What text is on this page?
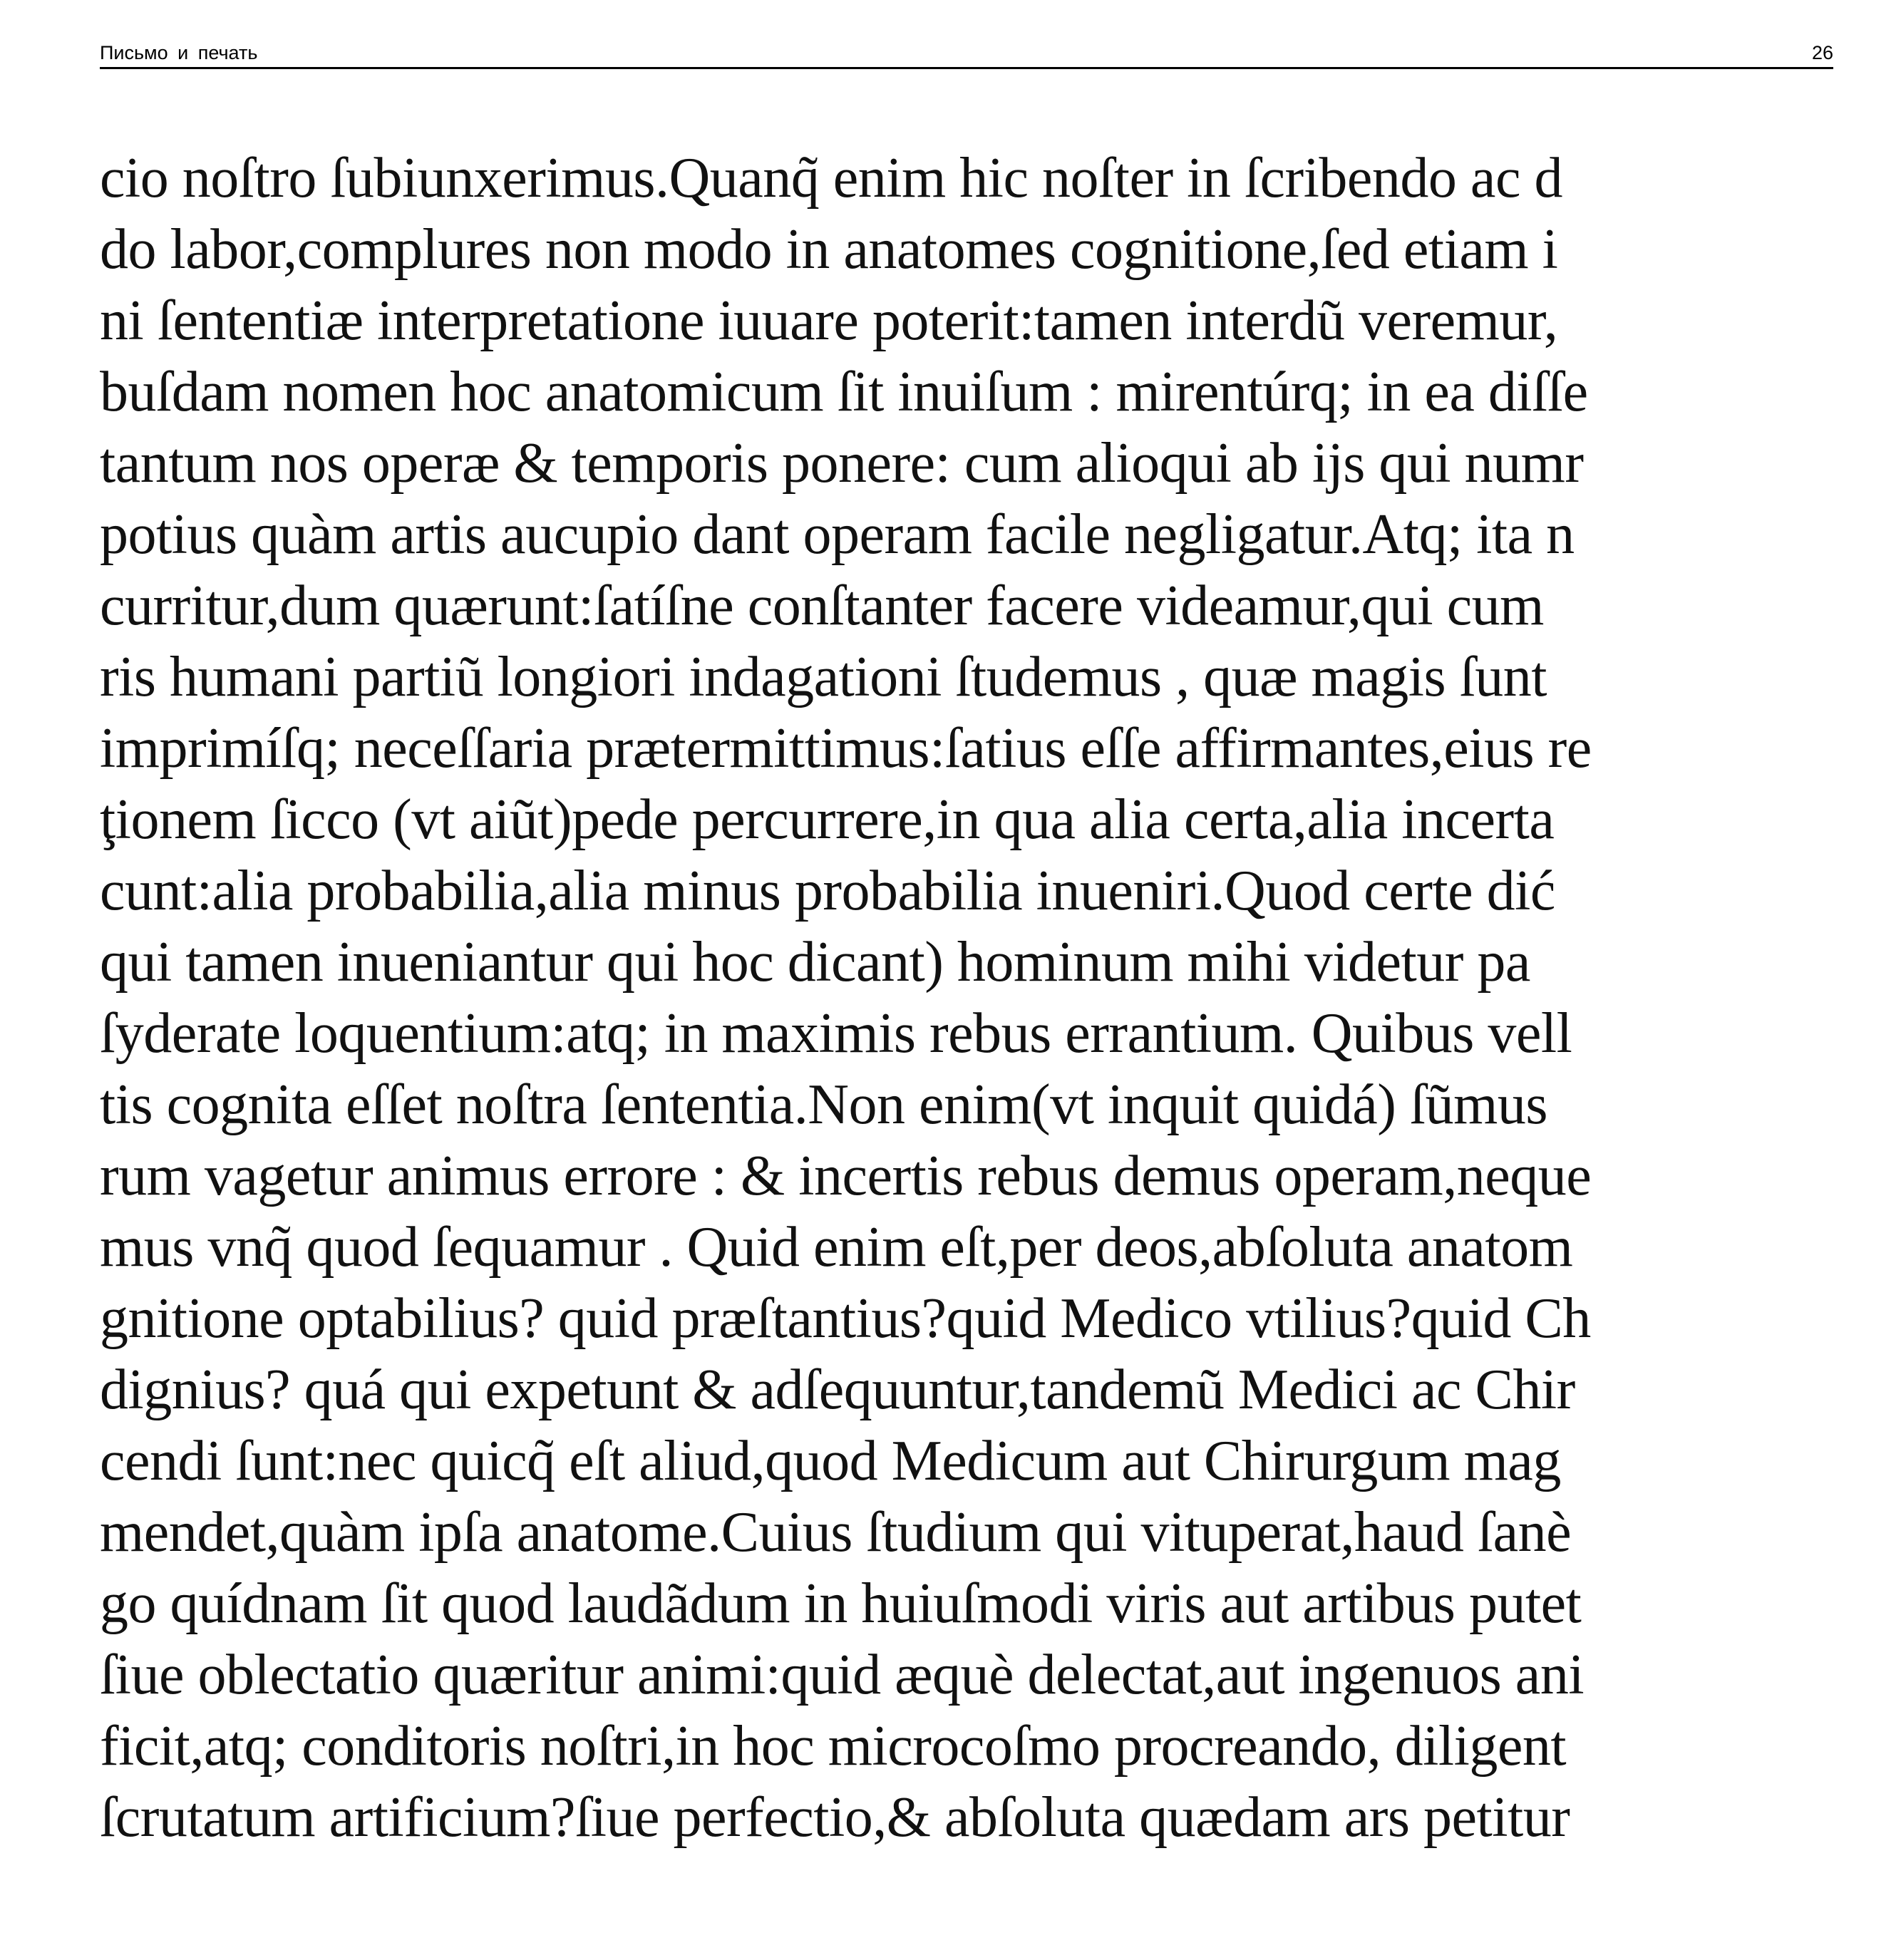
Письмо и печать	26
cio noſtro ſubiunxerimus.Quanq̃ enim hic noſter in ſcribendo ac d
do labor,complures non modo in anatomes cognitione,ſed etiam i
ni ſententiæ interpretatione iuuare poterit:tamen interdũ veremur,
buſdam nomen hoc anatomicum ſit inuiſum : mirentúrq; in ea diſſe
tantum nos operæ & temporis ponere: cum alioqui ab ijs qui numr
potius quàm artis aucupio dant operam facile negligatur.Atq; ita n
curritur,dum quærunt:ſatíſne conſtanter facere videamur,qui cum
ris humani partiũ longiori indagationi ſtudemus , quæ magis ſunt
imprimíſq; neceſſaria prætermittimus:ſatius eſſe affirmantes,eius re
ţionem ſicco (vt aiũt)pede percurrere,in qua alia certa,alia incerta
cunt:alia probabilia,alia minus probabilia inueniri.Quod certe dić
qui tamen inueniantur qui hoc dicant) hominum mihi videtur pa
ſyderate loquentium:atq; in maximis rebus errantium. Quibus vell
tis cognita eſſet noſtra ſententia.Non enim(vt inquit quidá) ſũmus
rum vagetur animus errore : & incertis rebus demus operam,neque
mus vnq̃ quod ſequamur . Quid enim eſt,per deos,abſoluta anatom
gnitione optabilius? quid præſtantius?quid Medico vtilius?quid Ch
dignius? quá qui expetunt & adſequuntur,tandemũ Medici ac Chir
cendi ſunt:nec quicq̃ eſt aliud,quod Medicum aut Chirurgum mag
mendet,quàm ipſa anatome.Cuius ſtudium qui vituperat,haud ſanè
go quídnam ſit quod laudãdum in huiuſmodi viris aut artibus putet
ſiue oblectatio quæritur animi:quid æquè delectat,aut ingenuos ani
ficit,atq; conditoris noſtri,in hoc microcoſmo procreando, diligent
ſcrutatum artificium?ſiue perfectio,& abſoluta quædam ars petitur
